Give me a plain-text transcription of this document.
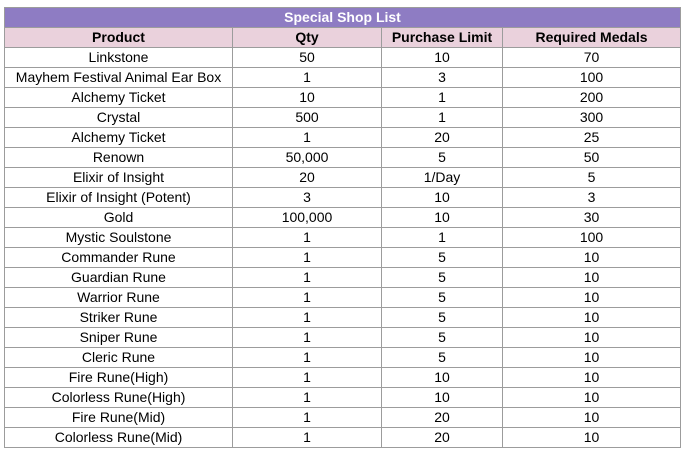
Special Shop List			
Product	Qty	Purchase Limit	Required Medals
Linkstone	50	10	70
Mayhem Festival Animal Ear Box	1	3	100
Alchemy Ticket	10	1	200
Crystal	500	1	300
Alchemy Ticket	1	20	25
Renown	50,000	5	50
Elixir of Insight	20	1/Day	5
Elixir of Insight (Potent)	3	10	3
Gold	100,000	10	30
Mystic Soulstone	1	1	100
Commander Rune	1	5	10
Guardian Rune	1	5	10
Warrior Rune	1	5	10
Striker Rune	1	5	10
Sniper Rune	1	5	10
Cleric Rune	1	5	10
Fire Rune(High)	1	10	10
Colorless Rune(High)	1	10	10
Fire Rune(Mid)	1	20	10
Colorless Rune(Mid)	1	20	10
